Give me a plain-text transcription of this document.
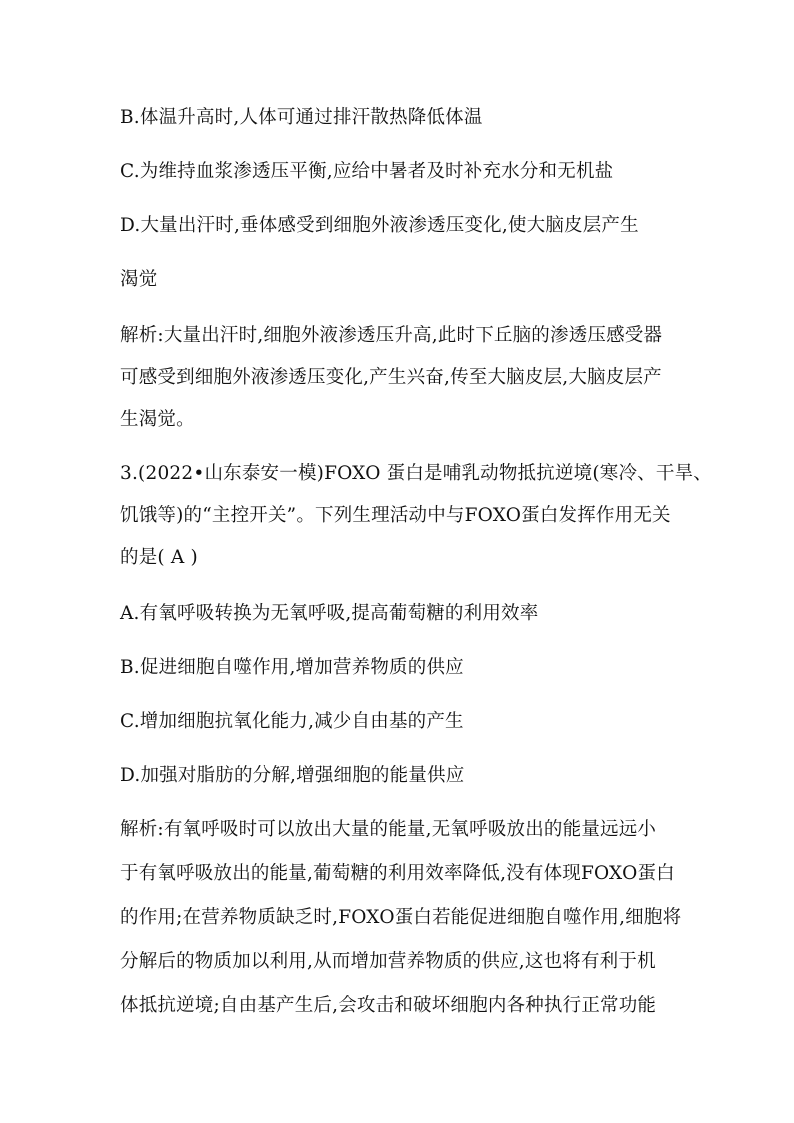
B.体温升高时,人体可通过排汗散热降低体温
C.为维持血浆渗透压平衡,应给中暑者及时补充水分和无机盐
D.大量出汗时,垂体感受到细胞外液渗透压变化,使大脑皮层产生
渴觉
解析:大量出汗时,细胞外液渗透压升高,此时下丘脑的渗透压感受器
可感受到细胞外液渗透压变化,产生兴奋,传至大脑皮层,大脑皮层产
生渴觉。
3.(2022•山东泰安一模)FOXO 蛋白是哺乳动物抵抗逆境(寒冷、干旱、
饥饿等)的“主控开关”。下列生理活动中与FOXO蛋白发挥作用无关
的是( A )
A.有氧呼吸转换为无氧呼吸,提高葡萄糖的利用效率
B.促进细胞自噬作用,增加营养物质的供应
C.增加细胞抗氧化能力,减少自由基的产生
D.加强对脂肪的分解,增强细胞的能量供应
解析:有氧呼吸时可以放出大量的能量,无氧呼吸放出的能量远远小
于有氧呼吸放出的能量,葡萄糖的利用效率降低,没有体现FOXO蛋白
的作用;在营养物质缺乏时,FOXO蛋白若能促进细胞自噬作用,细胞将
分解后的物质加以利用,从而增加营养物质的供应,这也将有利于机
体抵抗逆境;自由基产生后,会攻击和破坏细胞内各种执行正常功能
